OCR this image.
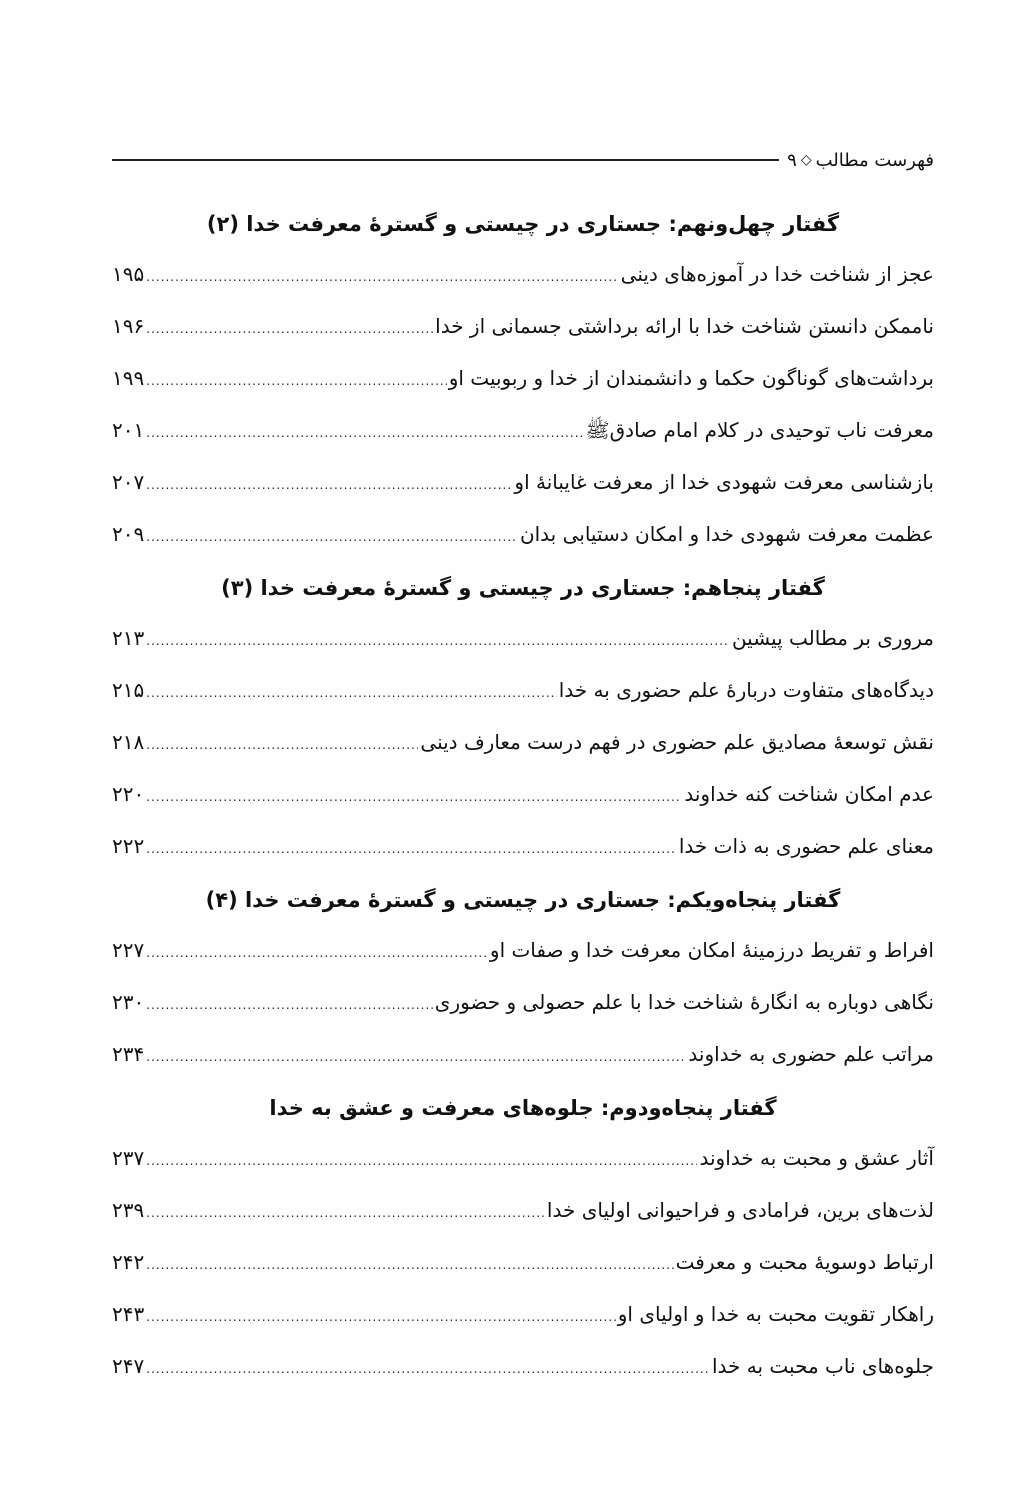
فهرست مطالب
◇
۹
گفتار چهل‌ونهم: جستاری در چیستی و گسترۀ معرفت خدا (۲)
عجز از شناخت خدا در آموزه‌های دینی
.....
۱۹۵
ناممکن دانستن شناخت خدا با ارائه برداشتی جسمانی از خدا
.....
۱۹۶
برداشت‌های گوناگون حکما و دانشمندان از خدا و ربوبیت او
.....
۱۹۹
معرفت ناب توحیدی در کلام امام صادقﷺ
.....
۲۰۱
بازشناسی معرفت شهودی خدا از معرفت غایبانۀ او
.....
۲۰۷
عظمت معرفت شهودی خدا و امکان دستیابی بدان
.....
۲۰۹
گفتار پنجاهم: جستاری در چیستی و گسترۀ معرفت خدا (۳)
مروری بر مطالب پیشین
.....
۲۱۳
دیدگاه‌های متفاوت دربارۀ علم حضوری به خدا
.....
۲۱۵
نقش توسعۀ مصادیق علم حضوری در فهم درست معارف دینی
.....
۲۱۸
عدم امکان شناخت کنه خداوند
.....
۲۲۰
معنای علم حضوری به ذات خدا
.....
۲۲۲
گفتار پنجاه‌ویکم: جستاری در چیستی و گسترۀ معرفت خدا (۴)
افراط و تفریط درزمینۀ امکان معرفت خدا و صفات او
.....
۲۲۷
نگاهی دوباره به انگارۀ شناخت خدا با علم حصولی و حضوری
.....
۲۳۰
مراتب علم حضوری به خداوند
.....
۲۳۴
گفتار پنجاه‌ودوم: جلوه‌های معرفت و عشق به خدا
آثار عشق و محبت به خداوند
.....
۲۳۷
لذت‌های برین، فرامادی و فراحیوانی اولیای خدا
.....
۲۳۹
ارتباط دوسویۀ محبت و معرفت
.....
۲۴۲
راهکار تقویت محبت به خدا و اولیای او
.....
۲۴۳
جلوه‌های ناب محبت به خدا
.....
۲۴۷
